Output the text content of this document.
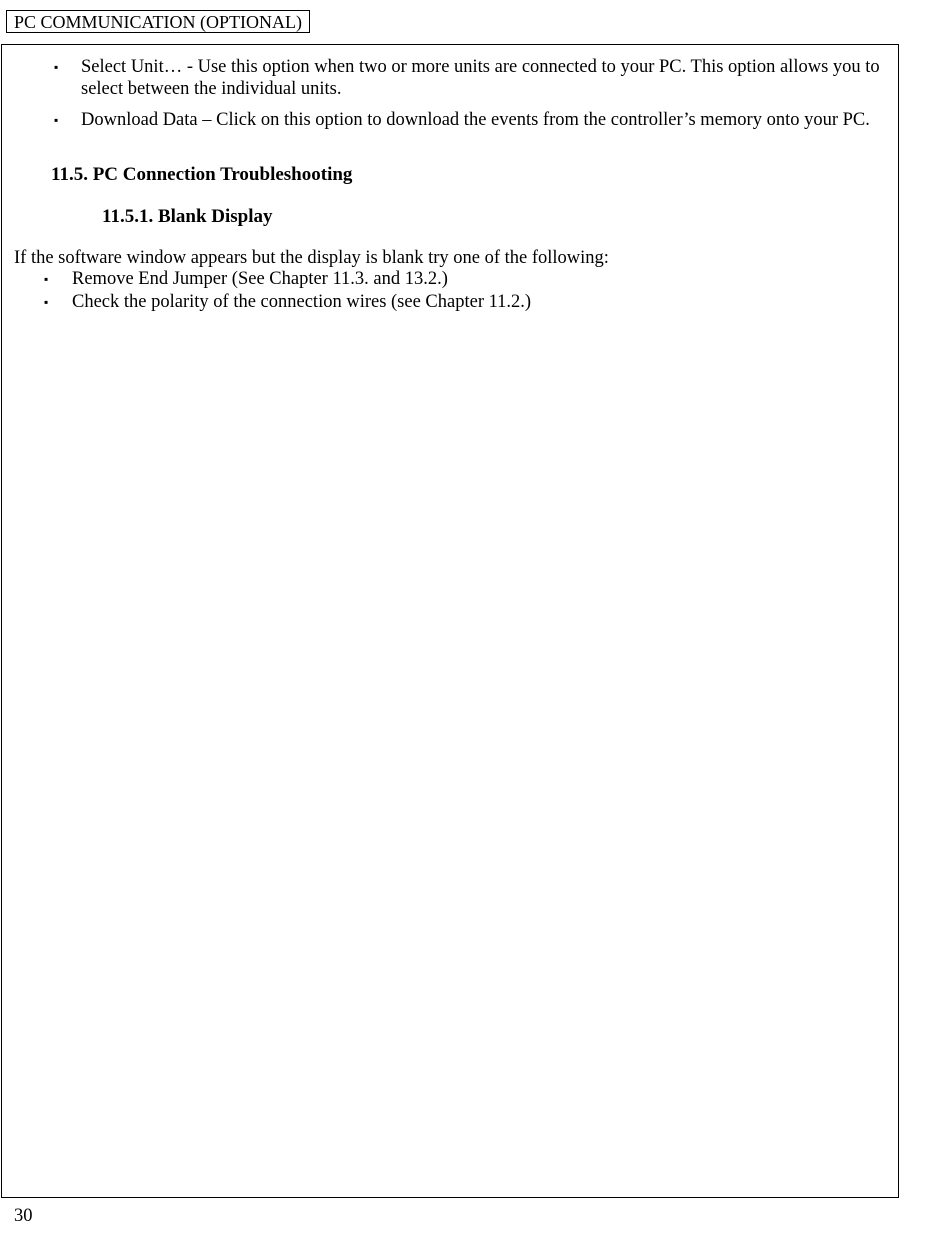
PC COMMUNICATION (OPTIONAL)
▪ Select Unit… - Use this option when two or more units are connected to your PC. This option allows you to select between the individual units.
▪ Download Data – Click on this option to download the events from the controller’s memory onto your PC.
11.5. PC Connection Troubleshooting
11.5.1. Blank Display
If the software window appears but the display is blank try one of the following:
▪ Remove End Jumper (See Chapter 11.3. and 13.2.)
▪ Check the polarity of the connection wires (see Chapter 11.2.)
30
